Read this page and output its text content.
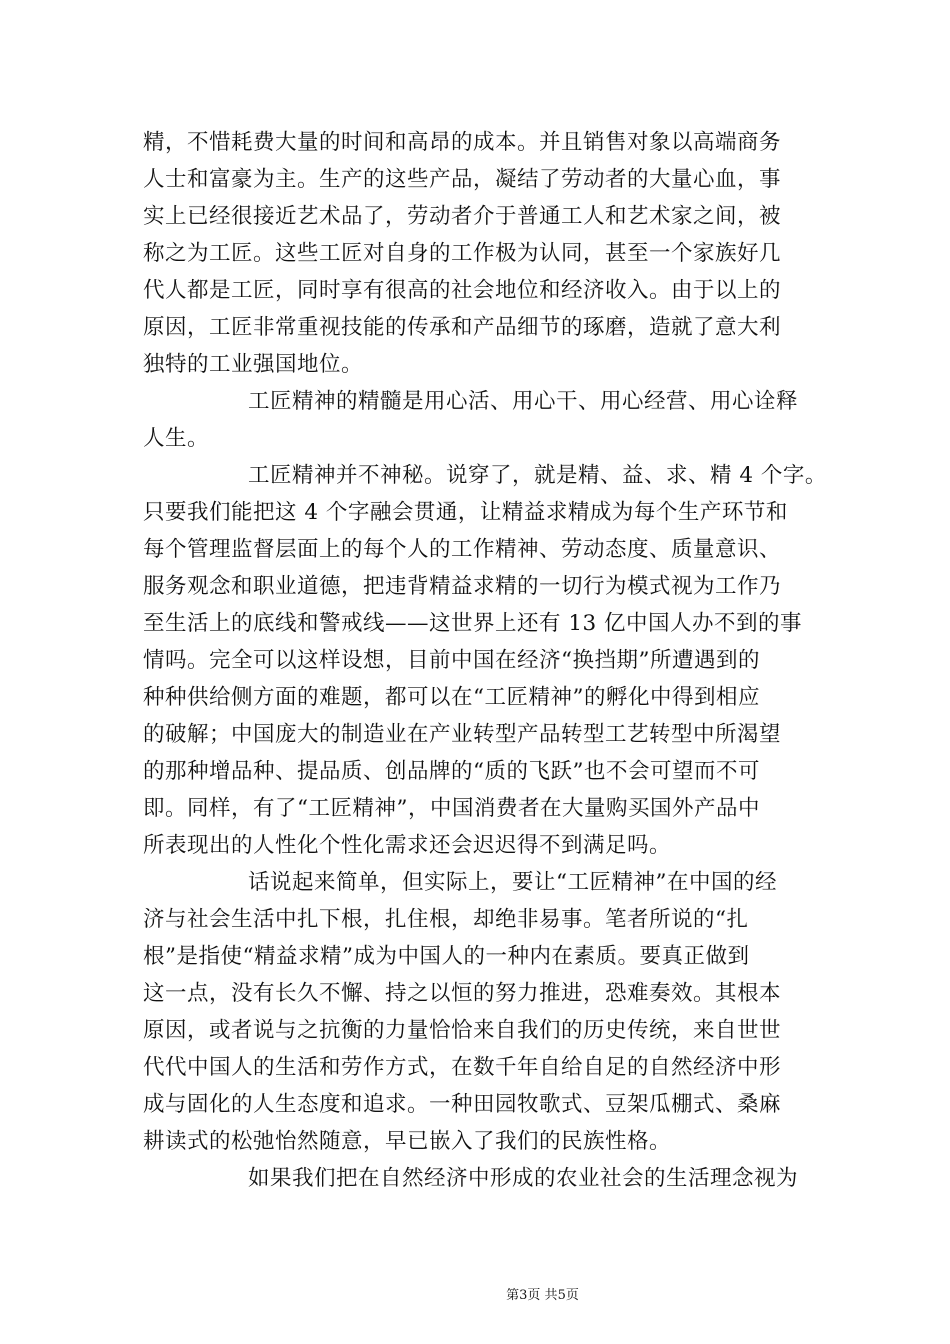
精，不惜耗费大量的时间和高昂的成本。并且销售对象以高端商务
人士和富豪为主。生产的这些产品，凝结了劳动者的大量心血，事
实上已经很接近艺术品了，劳动者介于普通工人和艺术家之间，被
称之为工匠。这些工匠对自身的工作极为认同，甚至一个家族好几
代人都是工匠，同时享有很高的社会地位和经济收入。由于以上的
原因，工匠非常重视技能的传承和产品细节的琢磨，造就了意大利
独特的工业强国地位。
工匠精神的精髓是用心活、用心干、用心经营、用心诠释
人生。
工匠精神并不神秘。说穿了，就是精、益、求、精 4 个字。
只要我们能把这 4 个字融会贯通，让精益求精成为每个生产环节和
每个管理监督层面上的每个人的工作精神、劳动态度、质量意识、
服务观念和职业道德，把违背精益求精的一切行为模式视为工作乃
至生活上的底线和警戒线——这世界上还有 13 亿中国人办不到的事
情吗。完全可以这样设想，目前中国在经济“换挡期”所遭遇到的
种种供给侧方面的难题，都可以在“工匠精神”的孵化中得到相应
的破解；中国庞大的制造业在产业转型产品转型工艺转型中所渴望
的那种增品种、提品质、创品牌的“质的飞跃”也不会可望而不可
即。同样，有了“工匠精神”，中国消费者在大量购买国外产品中
所表现出的人性化个性化需求还会迟迟得不到满足吗。
话说起来简单，但实际上，要让“工匠精神”在中国的经
济与社会生活中扎下根，扎住根，却绝非易事。笔者所说的“扎
根”是指使“精益求精”成为中国人的一种内在素质。要真正做到
这一点，没有长久不懈、持之以恒的努力推进，恐难奏效。其根本
原因，或者说与之抗衡的力量恰恰来自我们的历史传统，来自世世
代代中国人的生活和劳作方式，在数千年自给自足的自然经济中形
成与固化的人生态度和追求。一种田园牧歌式、豆架瓜棚式、桑麻
耕读式的松弛怡然随意，早已嵌入了我们的民族性格。
如果我们把在自然经济中形成的农业社会的生活理念视为
第3页 共5页
